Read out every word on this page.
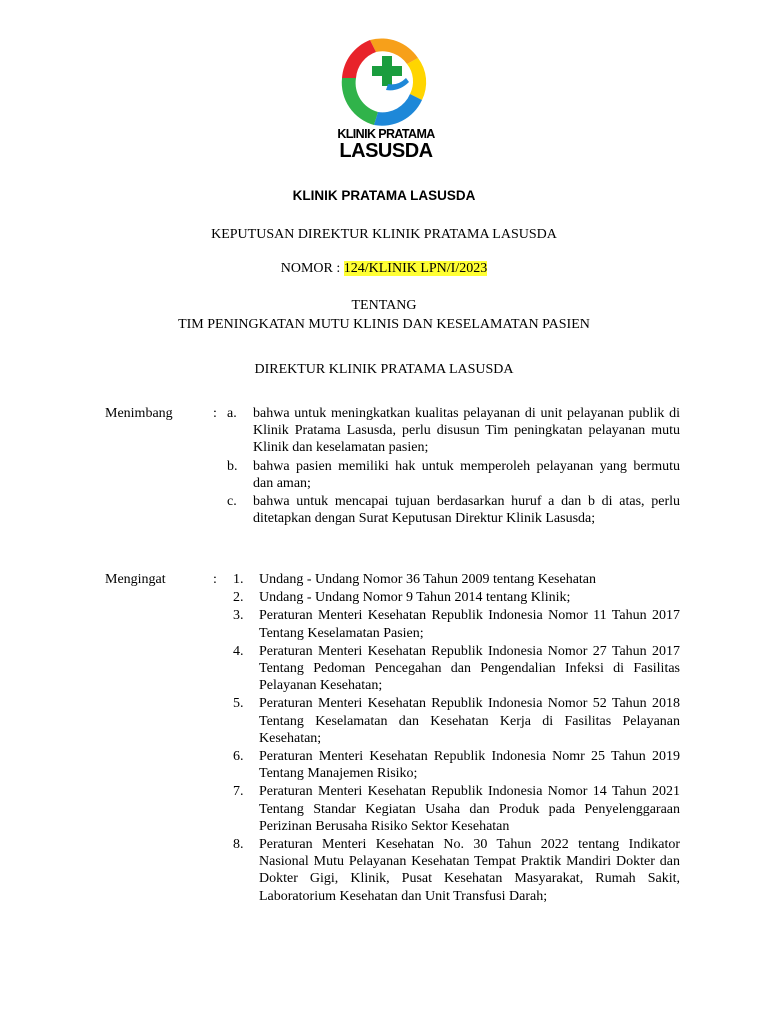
KLINIK PRATAMA
LASUSDA
KLINIK PRATAMA LASUSDA
KEPUTUSAN DIREKTUR KLINIK PRATAMA LASUSDA
NOMOR : 124/KLINIK LPN/I/2023
TENTANG
TIM PENINGKATAN MUTU KLINIS DAN KESELAMATAN PASIEN
DIREKTUR KLINIK PRATAMA LASUSDA
Menimbang	: a. bahwa untuk meningkatkan kualitas pelayanan di unit pelayanan publik di Klinik Pratama Lasusda, perlu disusun Tim peningkatan pelayanan mutu Klinik dan keselamatan pasien;
b. bahwa pasien memiliki hak untuk memperoleh pelayanan yang bermutu dan aman;
c. bahwa untuk mencapai tujuan berdasarkan huruf a dan b di atas, perlu ditetapkan dengan Surat Keputusan Direktur Klinik Lasusda;
Mengingat	: 1. Undang - Undang Nomor 36 Tahun 2009 tentang Kesehatan
2. Undang - Undang Nomor 9 Tahun 2014 tentang Klinik;
3. Peraturan Menteri Kesehatan Republik Indonesia Nomor 11 Tahun 2017 Tentang Keselamatan Pasien;
4. Peraturan Menteri Kesehatan Republik Indonesia Nomor 27 Tahun 2017 Tentang Pedoman Pencegahan dan Pengendalian Infeksi di Fasilitas Pelayanan Kesehatan;
5. Peraturan Menteri Kesehatan Republik Indonesia Nomor 52 Tahun 2018 Tentang Keselamatan dan Kesehatan Kerja di Fasilitas Pelayanan Kesehatan;
6. Peraturan Menteri Kesehatan Republik Indonesia Nomr 25 Tahun 2019 Tentang Manajemen Risiko;
7. Peraturan Menteri Kesehatan Republik Indonesia Nomor 14 Tahun 2021 Tentang Standar Kegiatan Usaha dan Produk pada Penyelenggaraan Perizinan Berusaha Risiko Sektor Kesehatan
8. Peraturan Menteri Kesehatan No. 30 Tahun 2022 tentang Indikator Nasional Mutu Pelayanan Kesehatan Tempat Praktik Mandiri Dokter dan Dokter Gigi, Klinik, Pusat Kesehatan Masyarakat, Rumah Sakit, Laboratorium Kesehatan dan Unit Transfusi Darah;
